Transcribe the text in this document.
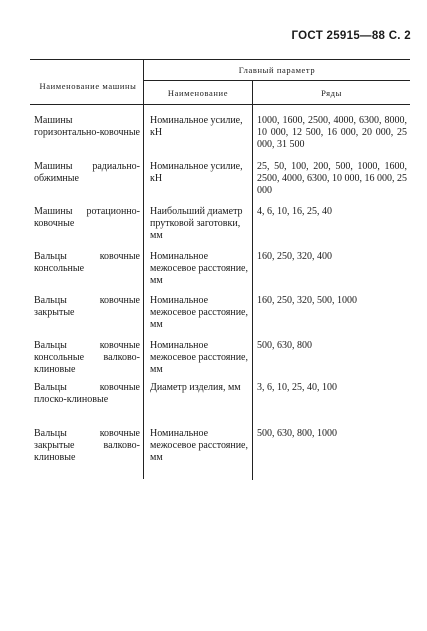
ГОСТ 25915—88 С. 2
Наименование машины
Главный параметр
Наименование	Ряды
Машины горизонтально-ковочные
Номинальное усилие, кН
1000, 1600, 2500, 4000, 6300, 8000, 10 000, 12 500, 16 000, 20 000, 25 000, 31 500
Машины радиально-обжимные
Номинальное усилие, кН
25, 50, 100, 200, 500, 1000, 1600, 2500, 4000, 6300, 10 000, 16 000, 25 000
Машины ротационно-ковочные
Наибольший диаметр прутковой заготовки, мм
4, 6, 10, 16, 25, 40
Вальцы ковочные консольные
Номинальное межосевое расстояние, мм
160, 250, 320, 400
Вальцы ковочные закрытые
Номинальное межосевое расстояние, мм
160, 250, 320, 500, 1000
Вальцы ковочные консольные валково-клиновые
Номинальное межосевое расстояние, мм
500, 630, 800
Вальцы ковочные плоско-клиновые
Диаметр изделия, мм	3, 6, 10, 25, 40, 100
Вальцы ковочные закрытые валково-клиновые
Номинальное межосевое расстояние, мм
500, 630, 800, 1000
